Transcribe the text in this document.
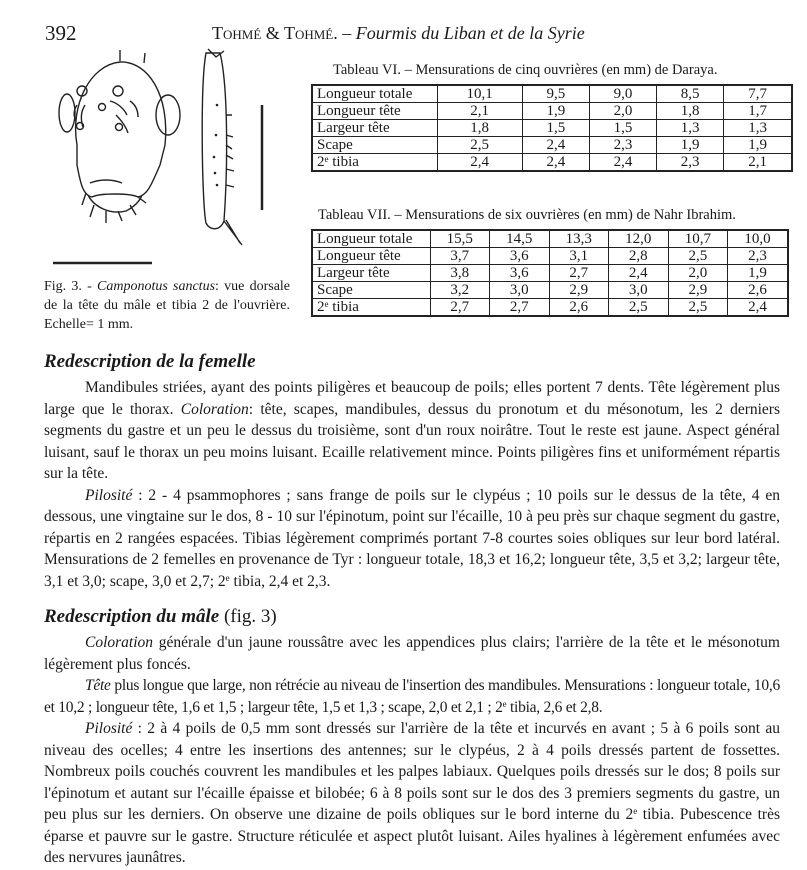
392	Tohmé & Tohmé. – Fourmis du Liban et de la Syrie
Fig. 3. - Camponotus sanctus: vue dorsale de la tête du mâle et tibia 2 de l'ouvrière. Echelle= 1 mm.
Tableau VI. – Mensurations de cinq ouvrières (en mm) de Daraya.
Longueur totale	10,1	9,5	9,0	8,5	7,7
Longueur tête	2,1	1,9	2,0	1,8	1,7
Largeur tête	1,8	1,5	1,5	1,3	1,3
Scape	2,5	2,4	2,3	1,9	1,9
2e tibia	2,4	2,4	2,4	2,3	2,1
Tableau VII. – Mensurations de six ouvrières (en mm) de Nahr Ibrahim.
Longueur totale	15,5	14,5	13,3	12,0	10,7	10,0
Longueur tête	3,7	3,6	3,1	2,8	2,5	2,3
Largeur tête	3,8	3,6	2,7	2,4	2,0	1,9
Scape	3,2	3,0	2,9	3,0	2,9	2,6
2e tibia	2,7	2,7	2,6	2,5	2,5	2,4
Redescription de la femelle

Mandibules striées, ayant des points piligères et beaucoup de poils; elles portent 7 dents. Tête légèrement plus large que le thorax. Coloration: tête, scapes, mandibules, dessus du pronotum et du mésonotum, les 2 derniers segments du gastre et un peu le dessus du troisième, sont d'un roux noirâtre. Tout le reste est jaune. Aspect général luisant, sauf le thorax un peu moins luisant. Ecaille relativement mince. Points piligères fins et uniformément répartis sur la tête.

Pilosité : 2 - 4 psammophores ; sans frange de poils sur le clypéus ; 10 poils sur le dessus de la tête, 4 en dessous, une vingtaine sur le dos, 8 - 10 sur l'épinotum, point sur l'écaille, 10 à peu près sur chaque segment du gastre, répartis en 2 rangées espacées. Tibias légèrement comprimés portant 7-8 courtes soies obliques sur leur bord latéral. Mensurations de 2 femelles en provenance de Tyr : longueur totale, 18,3 et 16,2; longueur tête, 3,5 et 3,2; largeur tête, 3,1 et 3,0; scape, 3,0 et 2,7; 2e tibia, 2,4 et 2,3.

Redescription du mâle (fig. 3)

Coloration générale d'un jaune roussâtre avec les appendices plus clairs; l'arrière de la tête et le mésonotum légèrement plus foncés.

Tête plus longue que large, non rétrécie au niveau de l'insertion des mandibules. Mensurations : longueur totale, 10,6 et 10,2 ; longueur tête, 1,6 et 1,5 ; largeur tête, 1,5 et 1,3 ; scape, 2,0 et 2,1 ; 2e tibia, 2,6 et 2,8.

Pilosité : 2 à 4 poils de 0,5 mm sont dressés sur l'arrière de la tête et incurvés en avant ; 5 à 6 poils sont au niveau des ocelles; 4 entre les insertions des antennes; sur le clypéus, 2 à 4 poils dressés partent de fossettes. Nombreux poils couchés couvrent les mandibules et les palpes labiaux. Quelques poils dressés sur le dos; 8 poils sur l'épinotum et autant sur l'écaille épaisse et bilobée; 6 à 8 poils sont sur le dos des 3 premiers segments du gastre, un peu plus sur les derniers. On observe une dizaine de poils obliques sur le bord interne du 2e tibia. Pubescence très éparse et pauvre sur le gastre. Structure réticulée et aspect plutôt luisant. Ailes hyalines à légèrement enfumées avec des nervures jaunâtres.
